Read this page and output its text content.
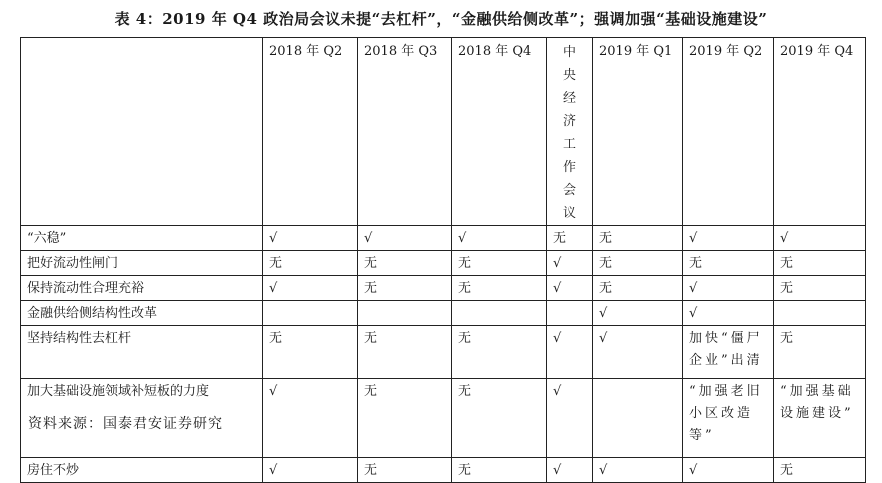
表 4：2019 年 Q4 政治局会议未提“去杠杆”，“金融供给侧改革”；强调加强“基础设施建设”
	2018 年 Q2	2018 年 Q3	2018 年 Q4	中央经济工作会议	2019 年 Q1	2019 年 Q2	2019 年 Q4
“六稳”	√	√	√	无	无	√	√
把好流动性闸门	无	无	无	√	无	无	无
保持流动性合理充裕	√	无	无	√	无	√	无
金融供给侧结构性改革					√	√	
坚持结构性去杠杆	无	无	无	√	√	加快“僵尸企业”出清	无
加大基础设施领域补短板的力度	√	无	无	√		“加强老旧小区改造等”	“加强基础设施建设”
房住不炒	√	无	无	√	√	√	无
资料来源：国泰君安证券研究
